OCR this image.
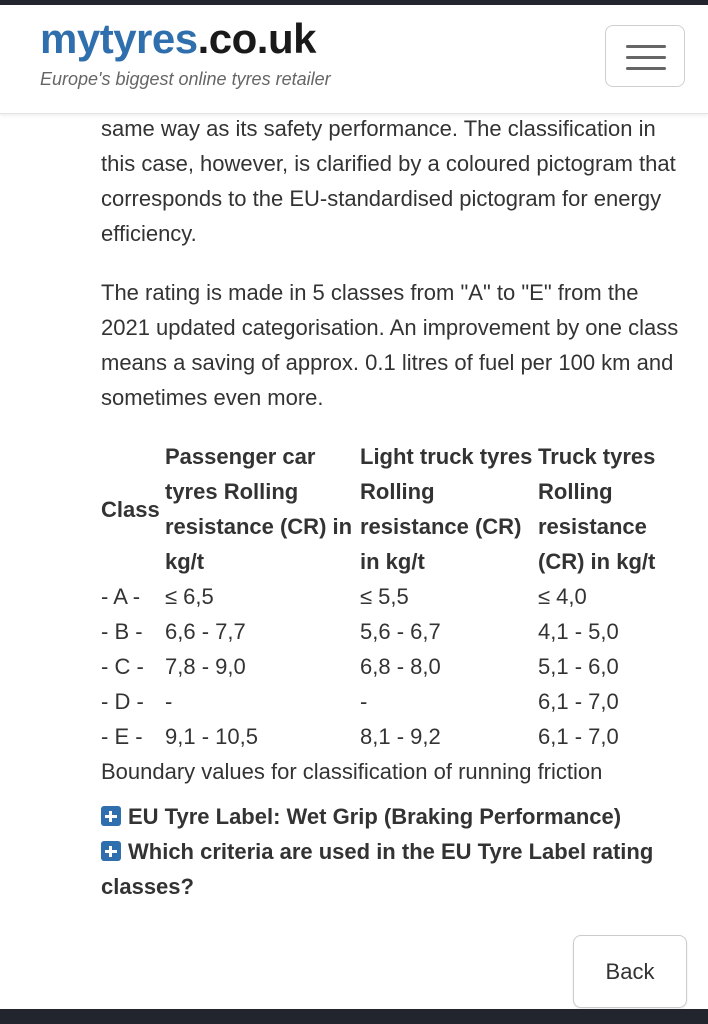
mytyres.co.uk
Europe's biggest online tyres retailer

same way as its safety performance. The classification in this case, however, is clarified by a coloured pictogram that corresponds to the EU-standardised pictogram for energy efficiency.

The rating is made in 5 classes from "A" to "E" from the 2021 updated categorisation. An improvement by one class means a saving of approx. 0.1 litres of fuel per 100 km and sometimes even more.

Class	Passenger car tyres Rolling resistance (CR) in kg/t	Light truck tyres Rolling resistance (CR) in kg/t	Truck tyres Rolling resistance (CR) in kg/t
- A -	≤ 6,5	≤ 5,5	≤ 4,0
- B -	6,6 - 7,7	5,6 - 6,7	4,1 - 5,0
- C -	7,8 - 9,0	6,8 - 8,0	5,1 - 6,0
- D -	-	-	6,1 - 7,0
- E -	9,1 - 10,5	8,1 - 9,2	6,1 - 7,0
Boundary values for classification of running friction
EU Tyre Label: Wet Grip (Braking Performance)
Which criteria are used in the EU Tyre Label rating classes?
Back
